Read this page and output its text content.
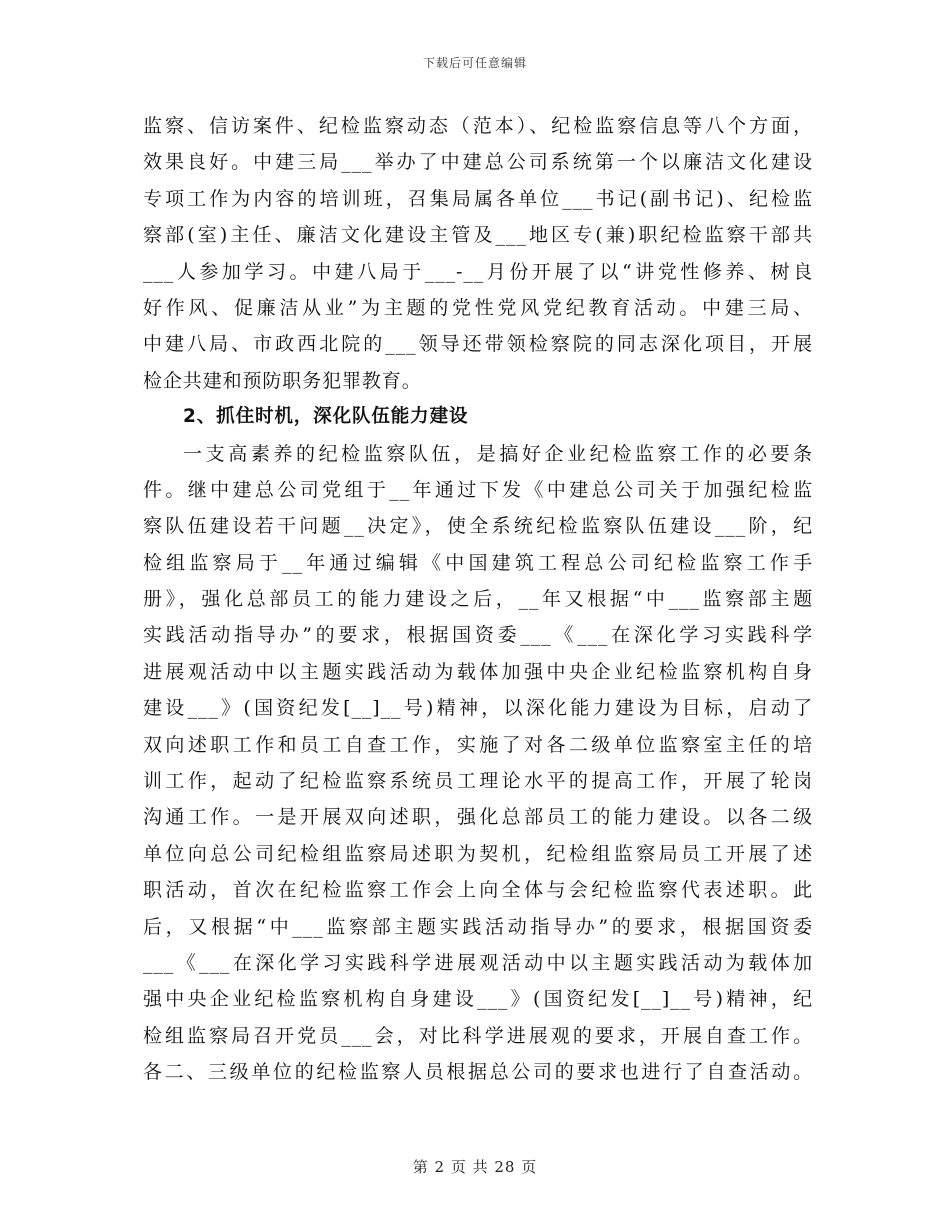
下载后可任意编辑
监察、信访案件、纪检监察动态（范本）、纪检监察信息等八个方面，
效果良好。中建三局___举办了中建总公司系统第一个以廉洁文化建设
专项工作为内容的培训班，召集局属各单位___书记(副书记)、纪检监
察部(室)主任、廉洁文化建设主管及___地区专(兼)职纪检监察干部共
___人参加学习。中建八局于___-__月份开展了以“讲党性修养、树良
好作风、促廉洁从业”为主题的党性党风党纪教育活动。中建三局、
中建八局、市政西北院的___领导还带领检察院的同志深化项目，开展
检企共建和预防职务犯罪教育。
2、抓住时机，深化队伍能力建设
一支高素养的纪检监察队伍，是搞好企业纪检监察工作的必要条
件。继中建总公司党组于__年通过下发《中建总公司关于加强纪检监
察队伍建设若干问题__决定》，使全系统纪检监察队伍建设___阶，纪
检组监察局于__年通过编辑《中国建筑工程总公司纪检监察工作手
册》，强化总部员工的能力建设之后，__年又根据“中___监察部主题
实践活动指导办”的要求，根据国资委___《___在深化学习实践科学
进展观活动中以主题实践活动为载体加强中央企业纪检监察机构自身
建设___》(国资纪发[__]__号)精神，以深化能力建设为目标，启动了
双向述职工作和员工自查工作，实施了对各二级单位监察室主任的培
训工作，起动了纪检监察系统员工理论水平的提高工作，开展了轮岗
沟通工作。一是开展双向述职，强化总部员工的能力建设。以各二级
单位向总公司纪检组监察局述职为契机，纪检组监察局员工开展了述
职活动，首次在纪检监察工作会上向全体与会纪检监察代表述职。此
后，又根据“中___监察部主题实践活动指导办”的要求，根据国资委
___《___在深化学习实践科学进展观活动中以主题实践活动为载体加
强中央企业纪检监察机构自身建设___》(国资纪发[__]__号)精神，纪
检组监察局召开党员___会，对比科学进展观的要求，开展自查工作。
各二、三级单位的纪检监察人员根据总公司的要求也进行了自查活动。
第 2 页 共 28 页
